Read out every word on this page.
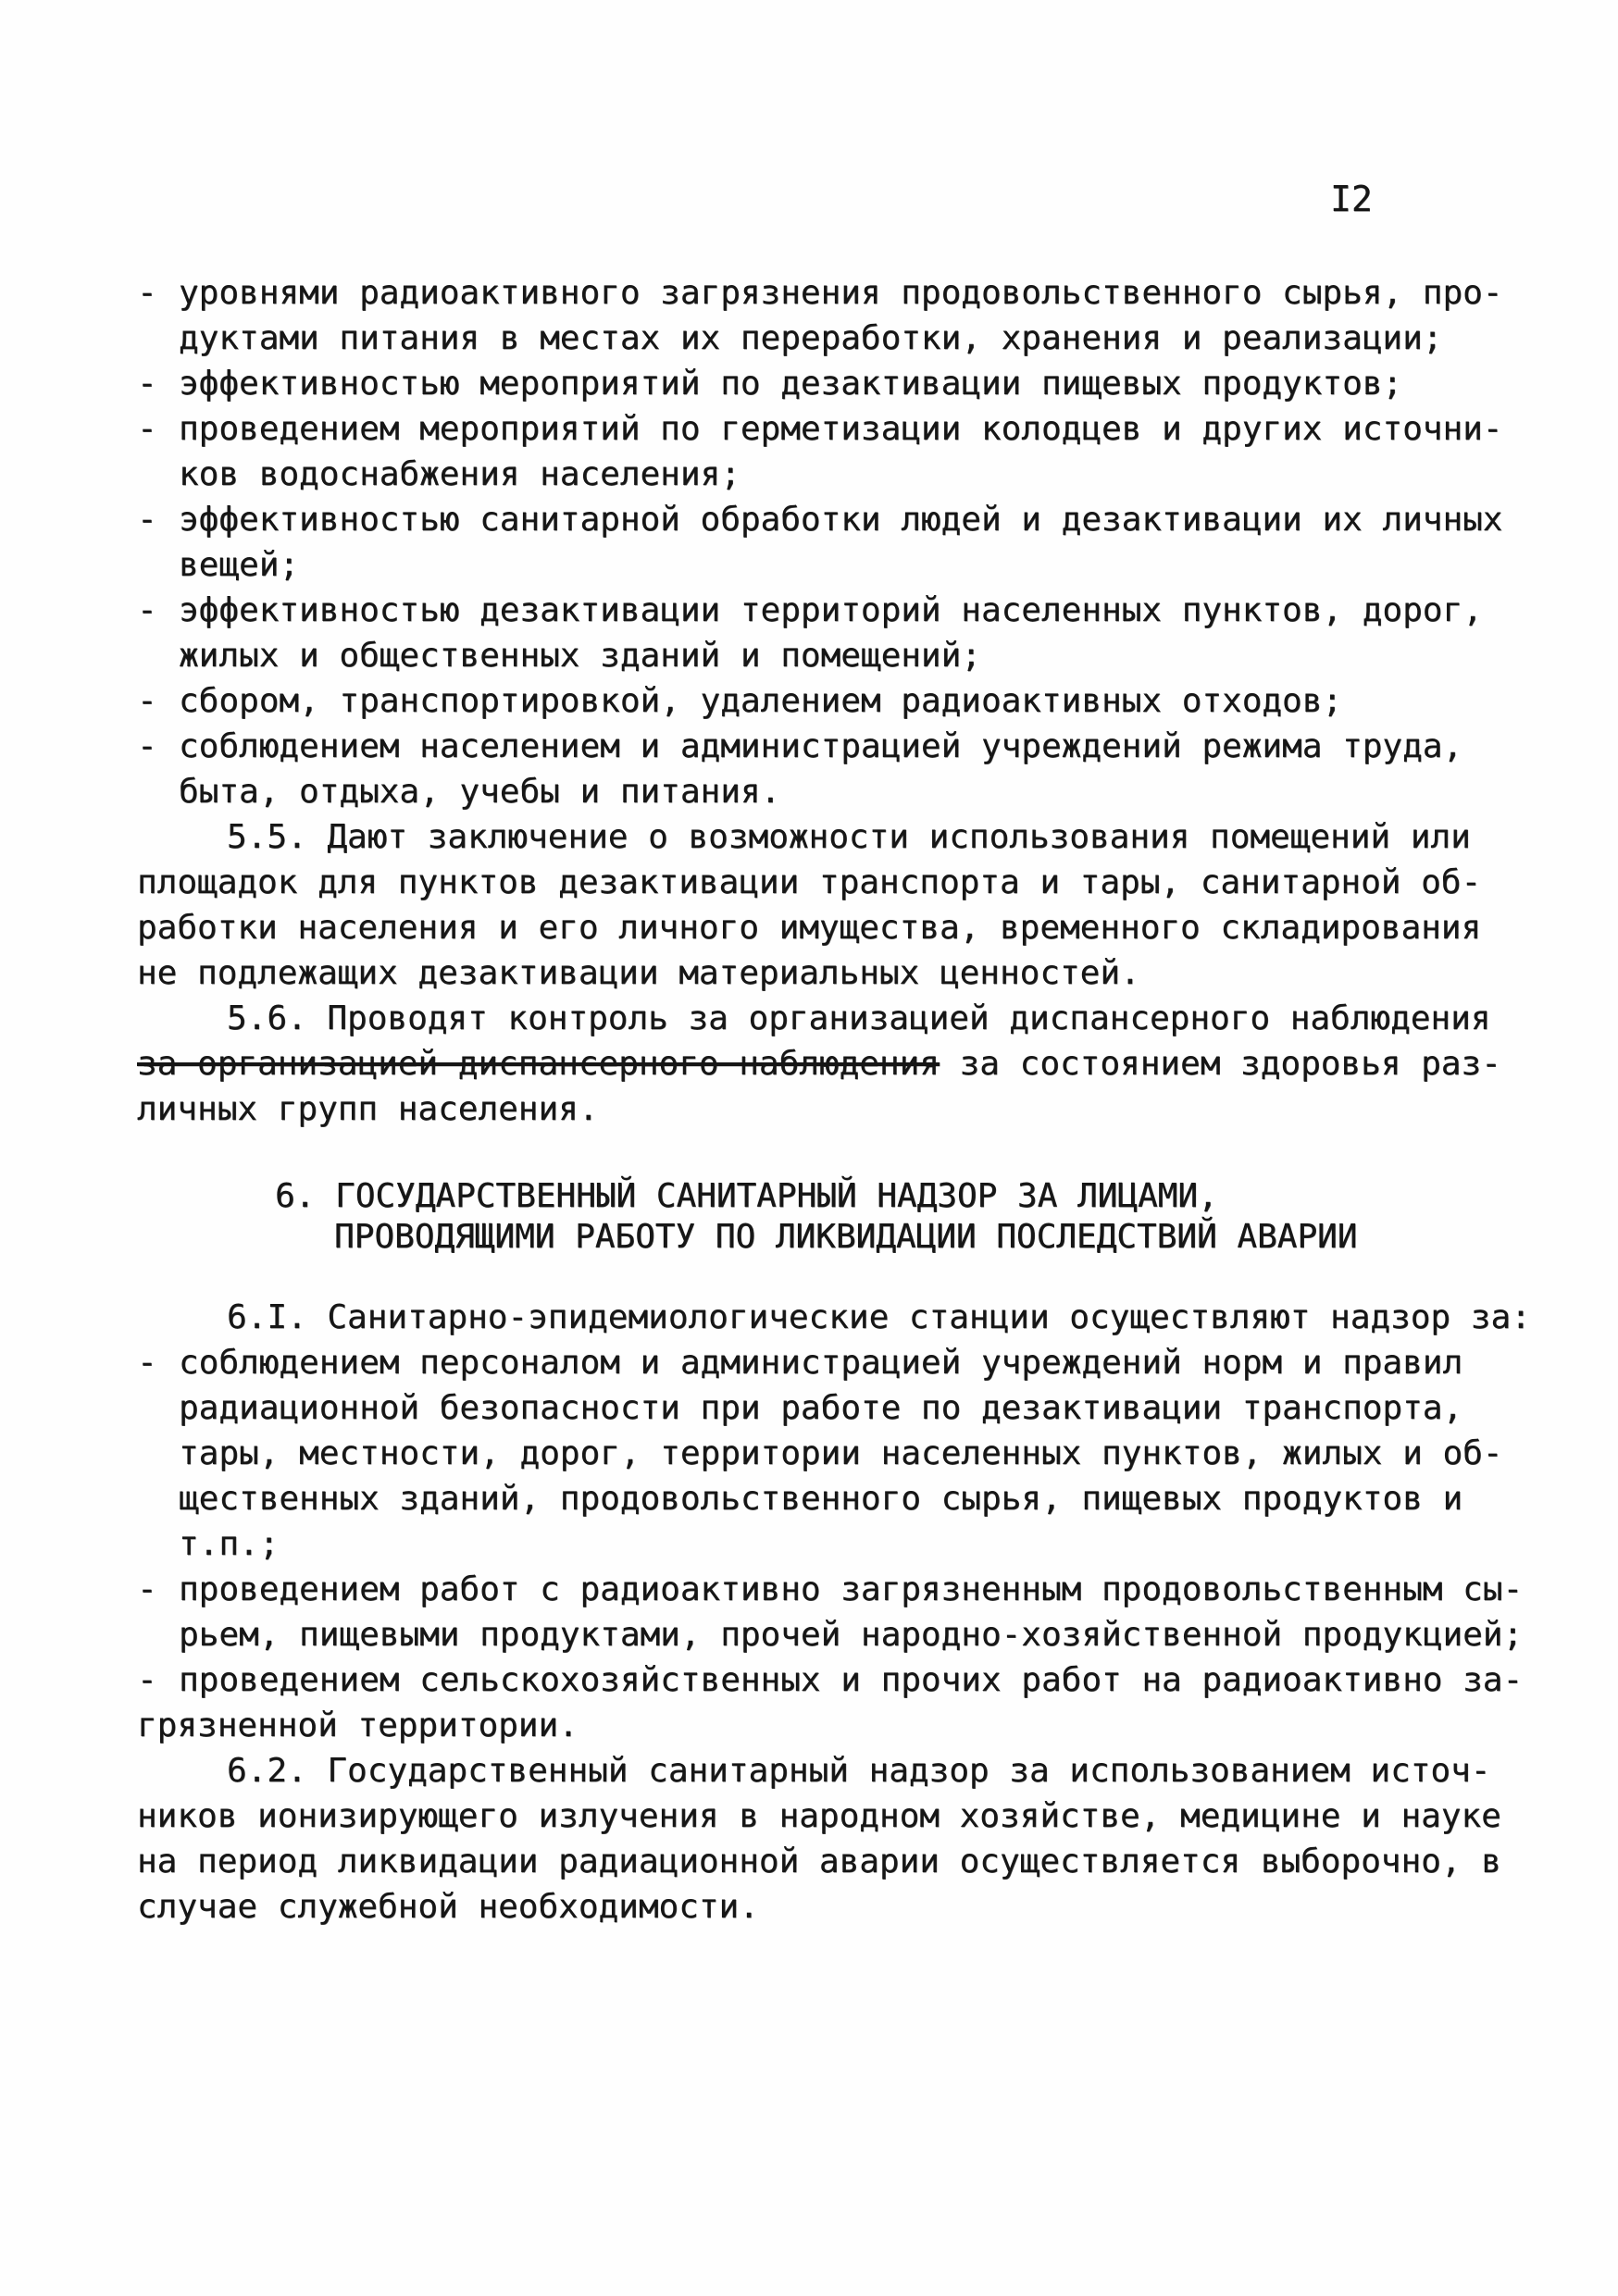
I2
- уровнями радиоактивного загрязнения продовольственного сырья, про-
дуктами питания в местах их переработки, хранения и реализации;
- эффективностью мероприятий по дезактивации пищевых продуктов;
- проведением мероприятий по герметизации колодцев и других источни-
ков водоснабжения населения;
- эффективностью санитарной обработки людей и дезактивации их личных
вещей;
- эффективностью дезактивации территорий населенных пунктов, дорог,
жилых и общественных зданий и помещений;
- сбором, транспортировкой, удалением радиоактивных отходов;
- соблюдением населением и администрацией учреждений режима труда,
быта, отдыха, учебы и питания.
5.5. Дают заключение о возможности использования помещений или
площадок для пунктов дезактивации транспорта и тары, санитарной об-
работки населения и его личного имущества, временного складирования
не подлежащих дезактивации материальных ценностей.
5.6. Проводят контроль за организацией диспансерного наблюдения
за организацией диспансерного наблюдения за состоянием здоровья раз-
личных групп населения.
6. ГОСУДАРСТВЕННЫЙ САНИТАРНЫЙ НАДЗОР ЗА ЛИЦАМИ,
ПРОВОДЯЩИМИ РАБОТУ ПО ЛИКВИДАЦИИ ПОСЛЕДСТВИЙ АВАРИИ
6.I. Санитарно-эпидемиологические станции осуществляют надзор за:
- соблюдением персоналом и администрацией учреждений норм и правил
радиационной безопасности при работе по дезактивации транспорта,
тары, местности, дорог, территории населенных пунктов, жилых и об-
щественных зданий, продовольственного сырья, пищевых продуктов и
т.п.;
- проведением работ с радиоактивно загрязненным продовольственным сы-
рьем, пищевыми продуктами, прочей народно-хозяйственной продукцией;
- проведением сельскохозяйственных и прочих работ на радиоактивно за-
грязненной территории.
6.2. Государственный санитарный надзор за использованием источ-
ников ионизирующего излучения в народном хозяйстве, медицине и науке
на период ликвидации радиационной аварии осуществляется выборочно, в
случае служебной необходимости.
